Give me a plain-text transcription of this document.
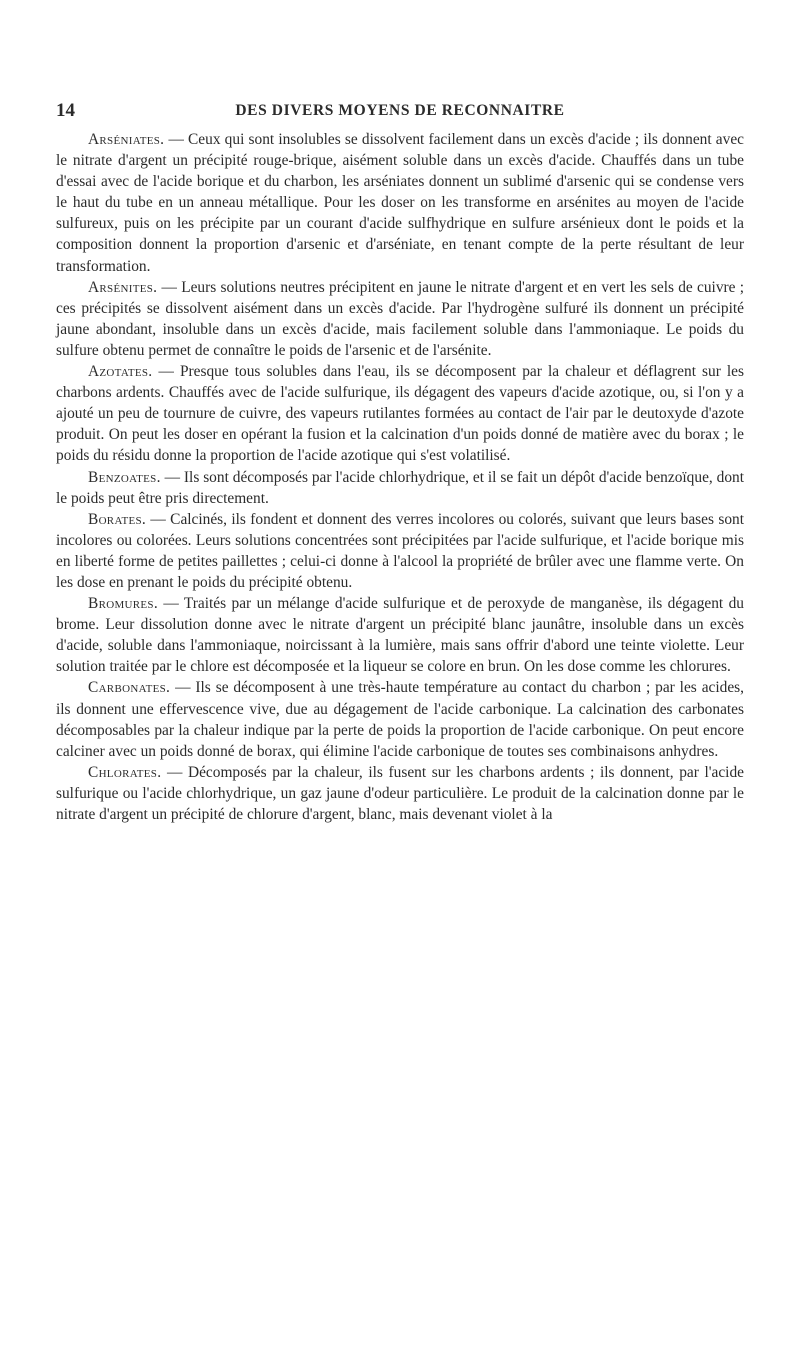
14	DES DIVERS MOYENS DE RECONNAITRE

Arséniates. — Ceux qui sont insolubles se dissolvent facilement dans un excès d'acide ; ils donnent avec le nitrate d'argent un précipité rouge-brique, aisément soluble dans un excès d'acide. Chauffés dans un tube d'essai avec de l'acide borique et du charbon, les arséniates donnent un sublimé d'arsenic qui se condense vers le haut du tube en un anneau métallique. Pour les doser on les transforme en arsénites au moyen de l'acide sulfureux, puis on les précipite par un courant d'acide sulfhydrique en sulfure arsénieux dont le poids et la composition donnent la proportion d'arsenic et d'arséniate, en tenant compte de la perte résultant de leur transformation.

Arsénites. — Leurs solutions neutres précipitent en jaune le nitrate d'argent et en vert les sels de cuivre ; ces précipités se dissolvent aisément dans un excès d'acide. Par l'hydrogène sulfuré ils donnent un précipité jaune abondant, insoluble dans un excès d'acide, mais facilement soluble dans l'ammoniaque. Le poids du sulfure obtenu permet de connaître le poids de l'arsenic et de l'arsénite.

Azotates. — Presque tous solubles dans l'eau, ils se décomposent par la chaleur et déflagrent sur les charbons ardents. Chauffés avec de l'acide sulfurique, ils dégagent des vapeurs d'acide azotique, ou, si l'on y a ajouté un peu de tournure de cuivre, des vapeurs rutilantes formées au contact de l'air par le deutoxyde d'azote produit. On peut les doser en opérant la fusion et la calcination d'un poids donné de matière avec du borax ; le poids du résidu donne la proportion de l'acide azotique qui s'est volatilisé.

Benzoates. — Ils sont décomposés par l'acide chlorhydrique, et il se fait un dépôt d'acide benzoïque, dont le poids peut être pris directement.

Borates. — Calcinés, ils fondent et donnent des verres incolores ou colorés, suivant que leurs bases sont incolores ou colorées. Leurs solutions concentrées sont précipitées par l'acide sulfurique, et l'acide borique mis en liberté forme de petites paillettes ; celui-ci donne à l'alcool la propriété de brûler avec une flamme verte. On les dose en prenant le poids du précipité obtenu.

Bromures. — Traités par un mélange d'acide sulfurique et de peroxyde de manganèse, ils dégagent du brome. Leur dissolution donne avec le nitrate d'argent un précipité blanc jaunâtre, insoluble dans un excès d'acide, soluble dans l'ammoniaque, noircissant à la lumière, mais sans offrir d'abord une teinte violette. Leur solution traitée par le chlore est décomposée et la liqueur se colore en brun. On les dose comme les chlorures.

Carbonates. — Ils se décomposent à une très-haute température au contact du charbon ; par les acides, ils donnent une effervescence vive, due au dégagement de l'acide carbonique. La calcination des carbonates décomposables par la chaleur indique par la perte de poids la proportion de l'acide carbonique. On peut encore calciner avec un poids donné de borax, qui élimine l'acide carbonique de toutes ses combinaisons anhydres.

Chlorates. — Décomposés par la chaleur, ils fusent sur les charbons ardents ; ils donnent, par l'acide sulfurique ou l'acide chlorhydrique, un gaz jaune d'odeur particulière. Le produit de la calcination donne par le nitrate d'argent un précipité de chlorure d'argent, blanc, mais devenant violet à la
